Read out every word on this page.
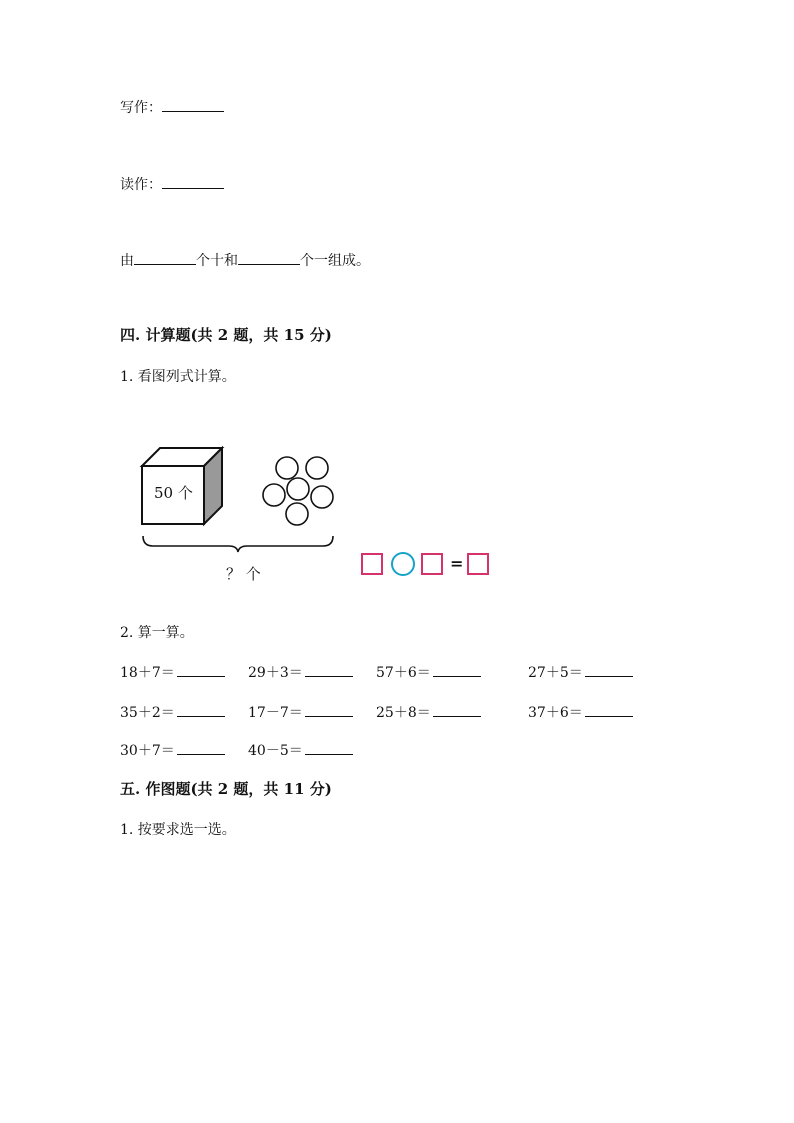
写作：
读作：
由	个十和	个一组成。
四. 计算题(共 2 题，共 15 分)
1. 看图列式计算。
50 个
？ 个
=
2. 算一算。
18＋7＝	29＋3＝	57＋6＝	27＋5＝
35＋2＝	17－7＝	25＋8＝	37＋6＝
30＋7＝	40－5＝
五. 作图题(共 2 题，共 11 分)
1. 按要求选一选。
